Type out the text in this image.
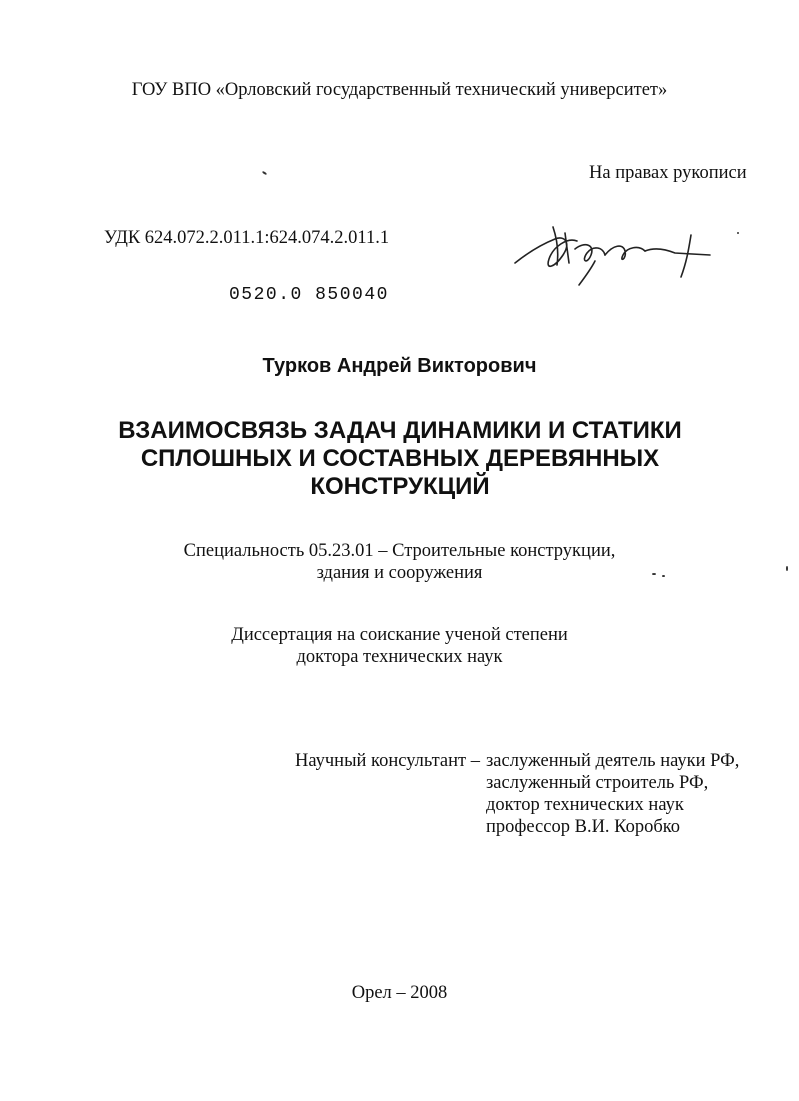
ГОУ ВПО «Орловский государственный технический университет»
На правах рукописи
УДК 624.072.2.011.1:624.074.2.011.1
0520.0 850040
Турков Андрей Викторович
ВЗАИМОСВЯЗЬ ЗАДАЧ ДИНАМИКИ И СТАТИКИ
СПЛОШНЫХ И СОСТАВНЫХ ДЕРЕВЯННЫХ
КОНСТРУКЦИЙ
Специальность 05.23.01 – Строительные конструкции,
здания и сооружения
Диссертация на соискание ученой степени
доктора технических наук
Научный консультант – заслуженный деятель науки РФ,
заслуженный строитель РФ,
доктор технических наук
профессор В.И. Коробко
Орел – 2008
